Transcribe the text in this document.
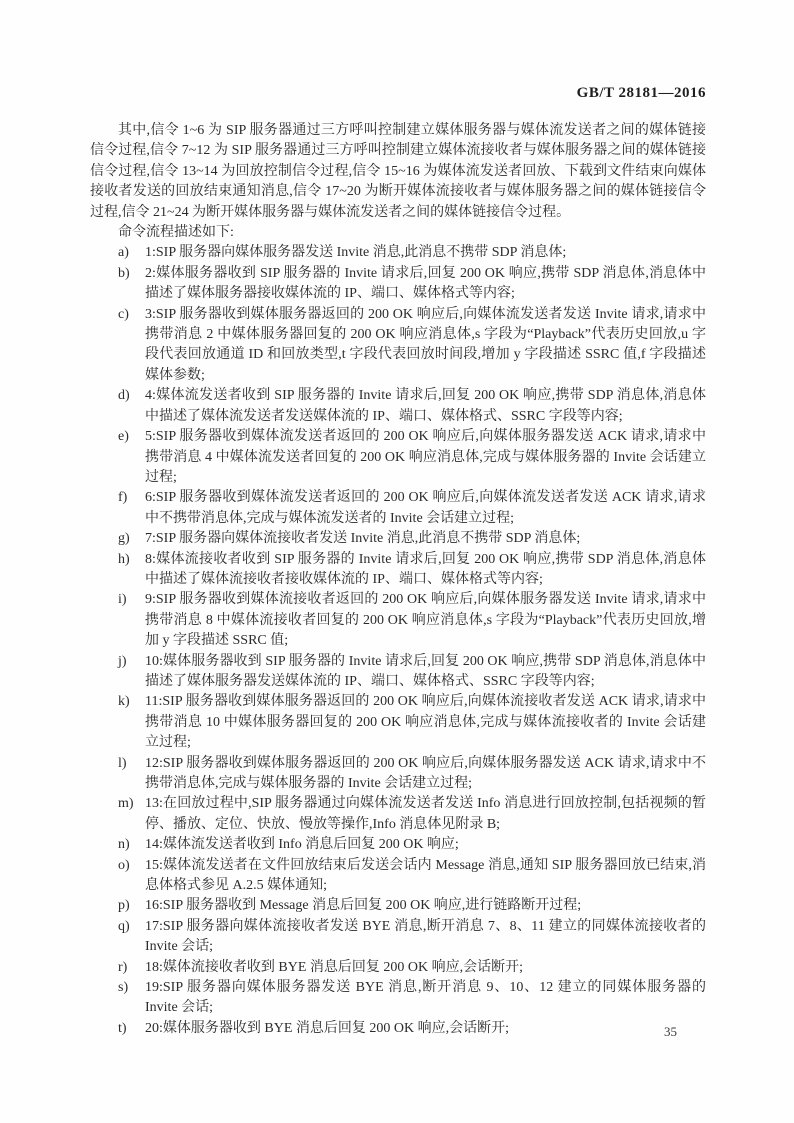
GB/T 28181—2016

其中,信令 1~6 为 SIP 服务器通过三方呼叫控制建立媒体服务器与媒体流发送者之间的媒体链接信令过程,信令 7~12 为 SIP 服务器通过三方呼叫控制建立媒体流接收者与媒体服务器之间的媒体链接信令过程,信令 13~14 为回放控制信令过程,信令 15~16 为媒体流发送者回放、下载到文件结束向媒体接收者发送的回放结束通知消息,信令 17~20 为断开媒体流接收者与媒体服务器之间的媒体链接信令过程,信令 21~24 为断开媒体服务器与媒体流发送者之间的媒体链接信令过程。

命令流程描述如下:

a)	1:SIP 服务器向媒体服务器发送 Invite 消息,此消息不携带 SDP 消息体;
b)	2:媒体服务器收到 SIP 服务器的 Invite 请求后,回复 200 OK 响应,携带 SDP 消息体,消息体中描述了媒体服务器接收媒体流的 IP、端口、媒体格式等内容;
c)	3:SIP 服务器收到媒体服务器返回的 200 OK 响应后,向媒体流发送者发送 Invite 请求,请求中携带消息 2 中媒体服务器回复的 200 OK 响应消息体,s 字段为“Playback”代表历史回放,u 字段代表回放通道 ID 和回放类型,t 字段代表回放时间段,增加 y 字段描述 SSRC 值,f 字段描述媒体参数;
d)	4:媒体流发送者收到 SIP 服务器的 Invite 请求后,回复 200 OK 响应,携带 SDP 消息体,消息体中描述了媒体流发送者发送媒体流的 IP、端口、媒体格式、SSRC 字段等内容;
e)	5:SIP 服务器收到媒体流发送者返回的 200 OK 响应后,向媒体服务器发送 ACK 请求,请求中携带消息 4 中媒体流发送者回复的 200 OK 响应消息体,完成与媒体服务器的 Invite 会话建立过程;
f)	6:SIP 服务器收到媒体流发送者返回的 200 OK 响应后,向媒体流发送者发送 ACK 请求,请求中不携带消息体,完成与媒体流发送者的 Invite 会话建立过程;
g)	7:SIP 服务器向媒体流接收者发送 Invite 消息,此消息不携带 SDP 消息体;
h)	8:媒体流接收者收到 SIP 服务器的 Invite 请求后,回复 200 OK 响应,携带 SDP 消息体,消息体中描述了媒体流接收者接收媒体流的 IP、端口、媒体格式等内容;
i)	9:SIP 服务器收到媒体流接收者返回的 200 OK 响应后,向媒体服务器发送 Invite 请求,请求中携带消息 8 中媒体流接收者回复的 200 OK 响应消息体,s 字段为“Playback”代表历史回放,增加 y 字段描述 SSRC 值;
j)	10:媒体服务器收到 SIP 服务器的 Invite 请求后,回复 200 OK 响应,携带 SDP 消息体,消息体中描述了媒体服务器发送媒体流的 IP、端口、媒体格式、SSRC 字段等内容;
k)	11:SIP 服务器收到媒体服务器返回的 200 OK 响应后,向媒体流接收者发送 ACK 请求,请求中携带消息 10 中媒体服务器回复的 200 OK 响应消息体,完成与媒体流接收者的 Invite 会话建立过程;
l)	12:SIP 服务器收到媒体服务器返回的 200 OK 响应后,向媒体服务器发送 ACK 请求,请求中不携带消息体,完成与媒体服务器的 Invite 会话建立过程;
m) 13:在回放过程中,SIP 服务器通过向媒体流发送者发送 Info 消息进行回放控制,包括视频的暂停、播放、定位、快放、慢放等操作,Info 消息体见附录 B;
n)	14:媒体流发送者收到 Info 消息后回复 200 OK 响应;
o)	15:媒体流发送者在文件回放结束后发送会话内 Message 消息,通知 SIP 服务器回放已结束,消息体格式参见 A.2.5 媒体通知;
p)	16:SIP 服务器收到 Message 消息后回复 200 OK 响应,进行链路断开过程;
q)	17:SIP 服务器向媒体流接收者发送 BYE 消息,断开消息 7、8、11 建立的同媒体流接收者的 Invite 会话;
r)	18:媒体流接收者收到 BYE 消息后回复 200 OK 响应,会话断开;
s)	19:SIP 服务器向媒体服务器发送 BYE 消息,断开消息 9、10、12 建立的同媒体服务器的 Invite 会话;
t)	20:媒体服务器收到 BYE 消息后回复 200 OK 响应,会话断开;	35
